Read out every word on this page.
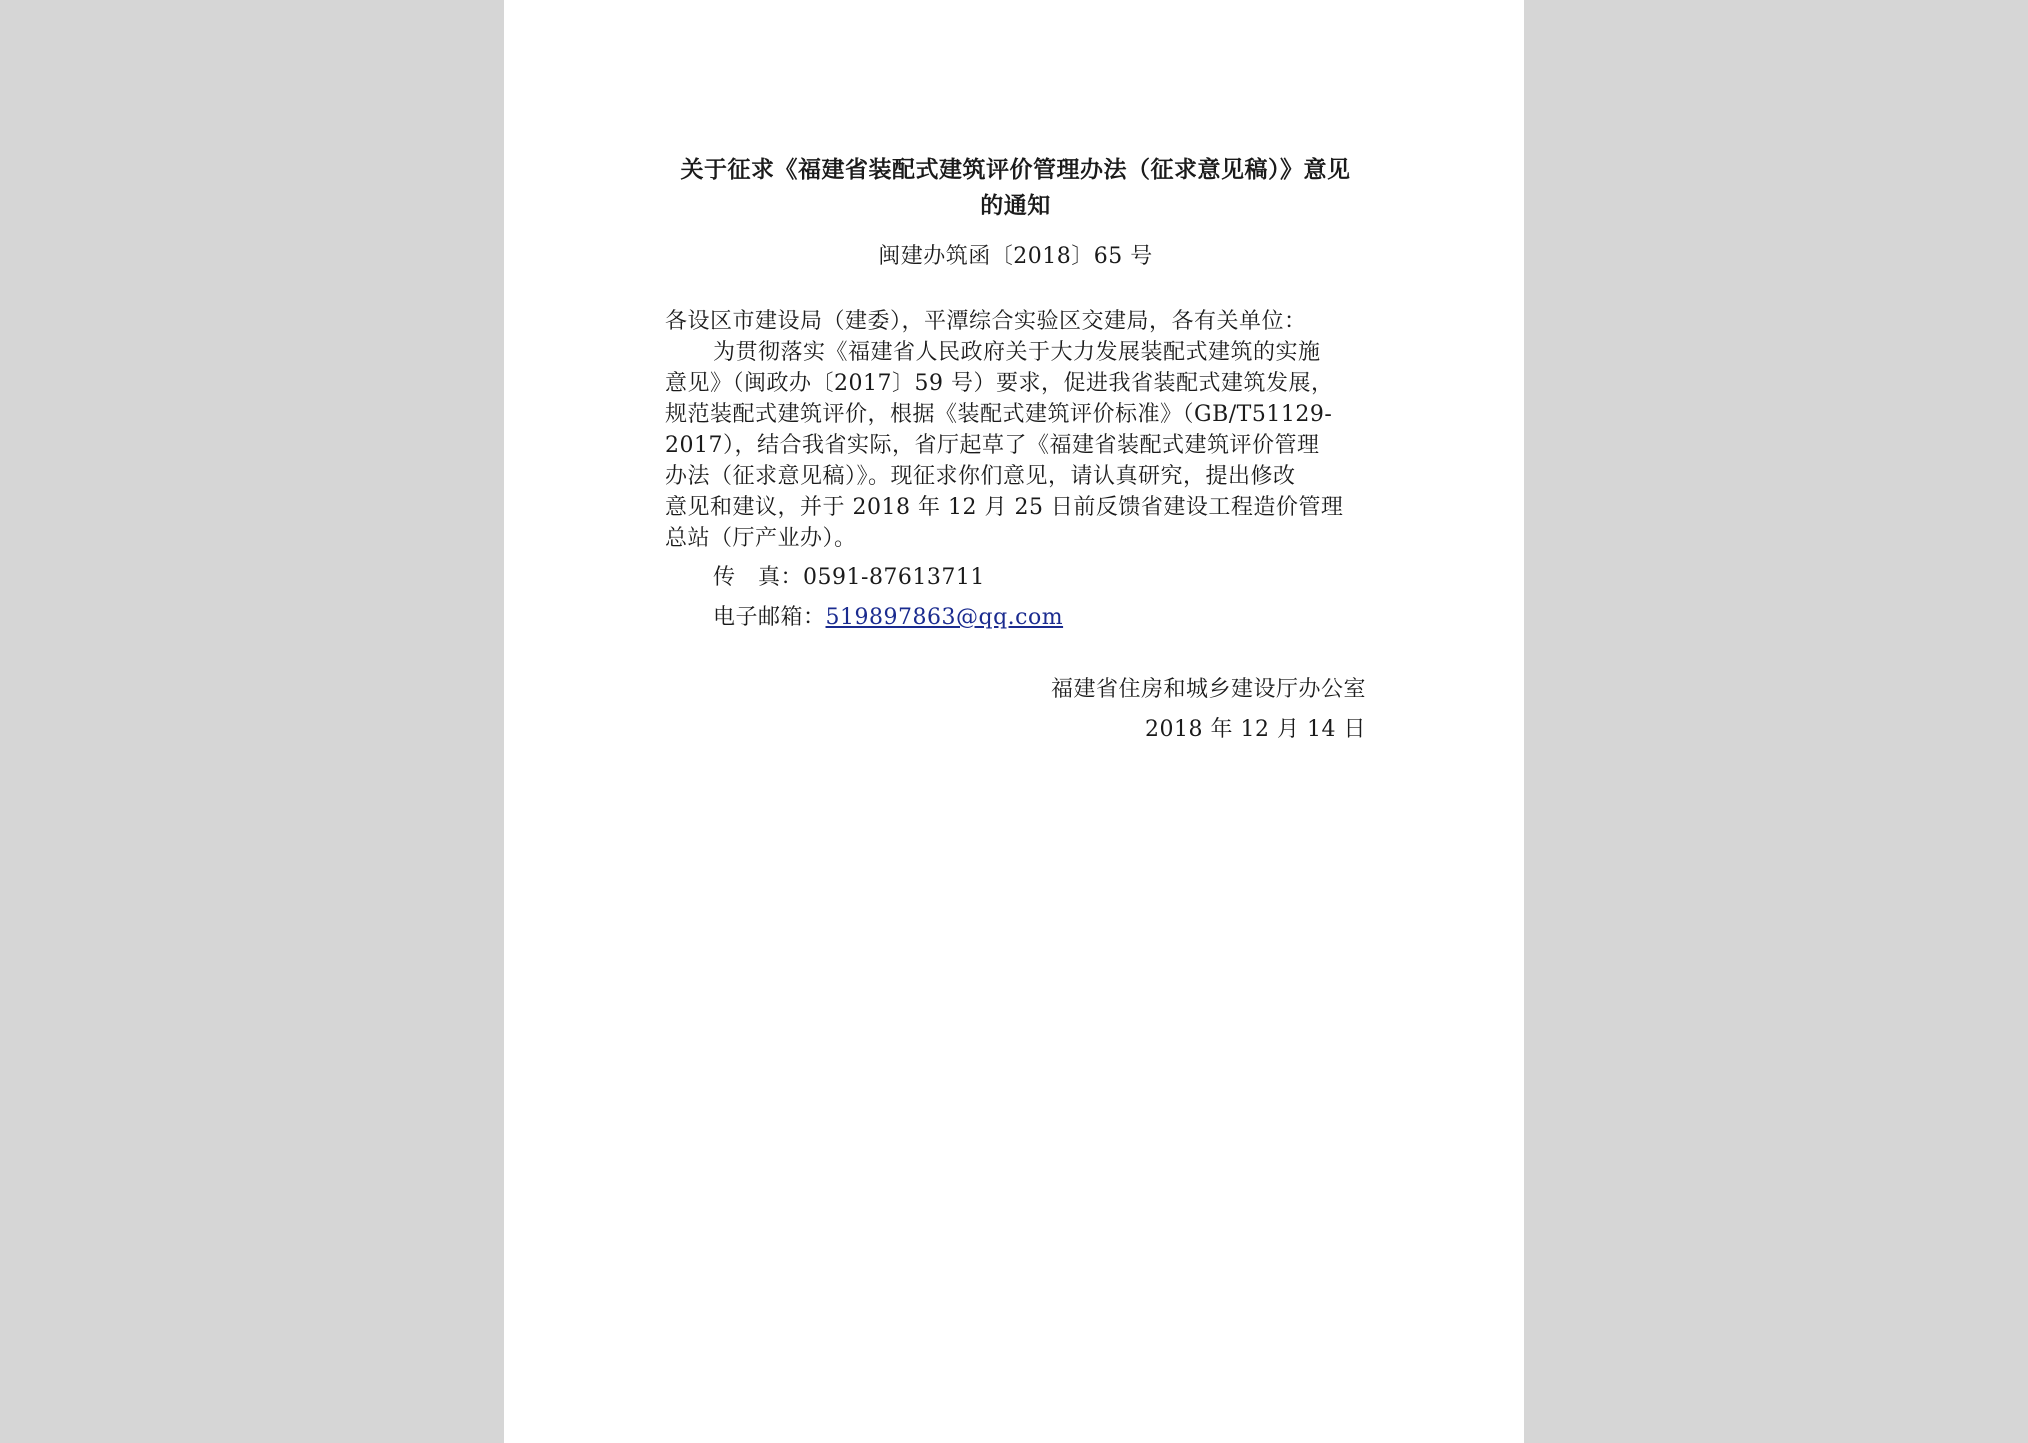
关于征求《福建省装配式建筑评价管理办法（征求意见稿）》意见
的通知
闽建办筑函〔2018〕65 号

各设区市建设局（建委），平潭综合实验区交建局，各有关单位：

为贯彻落实《福建省人民政府关于大力发展装配式建筑的实施
意见》（闽政办〔2017〕59 号）要求，促进我省装配式建筑发展，
规范装配式建筑评价，根据《装配式建筑评价标准》（GB/T51129-
2017），结合我省实际，省厅起草了《福建省装配式建筑评价管理
办法（征求意见稿）》。现征求你们意见，请认真研究，提出修改
意见和建议，并于 2018 年 12 月 25 日前反馈省建设工程造价管理
总站（厅产业办）。

传　真：0591-87613711
电子邮箱：519897863@qq.com
福建省住房和城乡建设厅办公室
2018 年 12 月 14 日
